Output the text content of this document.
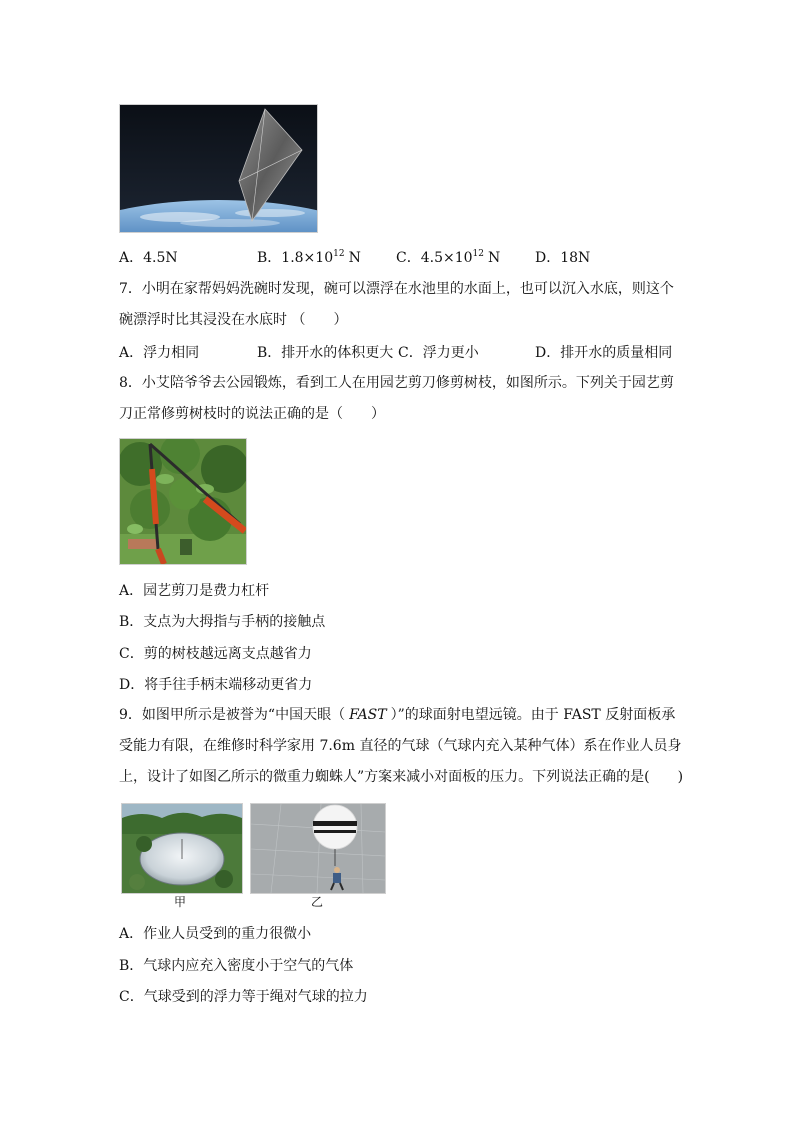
A．4.5N	B．$1.8\times 10^{12}$ N	C．$4.5\times 10^{12}$ N D．18N
7．小明在家帮妈妈洗碗时发现，碗可以漂浮在水池里的水面上，也可以沉入水底，则这个
碗漂浮时比其浸没在水底时 （　　）
A．浮力相同	B．排开水的体积更大 C．浮力更小	D．排开水的质量相同
8．小艾陪爷爷去公园锻炼，看到工人在用园艺剪刀修剪树枝，如图所示。下列关于园艺剪
刀正常修剪树枝时的说法正确的是（　　）
A．园艺剪刀是费力杠杆
B．支点为大拇指与手柄的接触点
C．剪的树枝越远离支点越省力
D．将手往手柄末端移动更省力
9．如图甲所示是被誉为“中国天眼（ FAST ）”的球面射电望远镜。由于 FAST 反射面板承
受能力有限，在维修时科学家用 7.6m 直径的气球（气球内充入某种气体）系在作业人员身
上，设计了如图乙所示的微重力蜘蛛人”方案来减小对面板的压力。下列说法正确的是(　　)
甲	乙
A．作业人员受到的重力很微小
B．气球内应充入密度小于空气的气体
C．气球受到的浮力等于绳对气球的拉力
